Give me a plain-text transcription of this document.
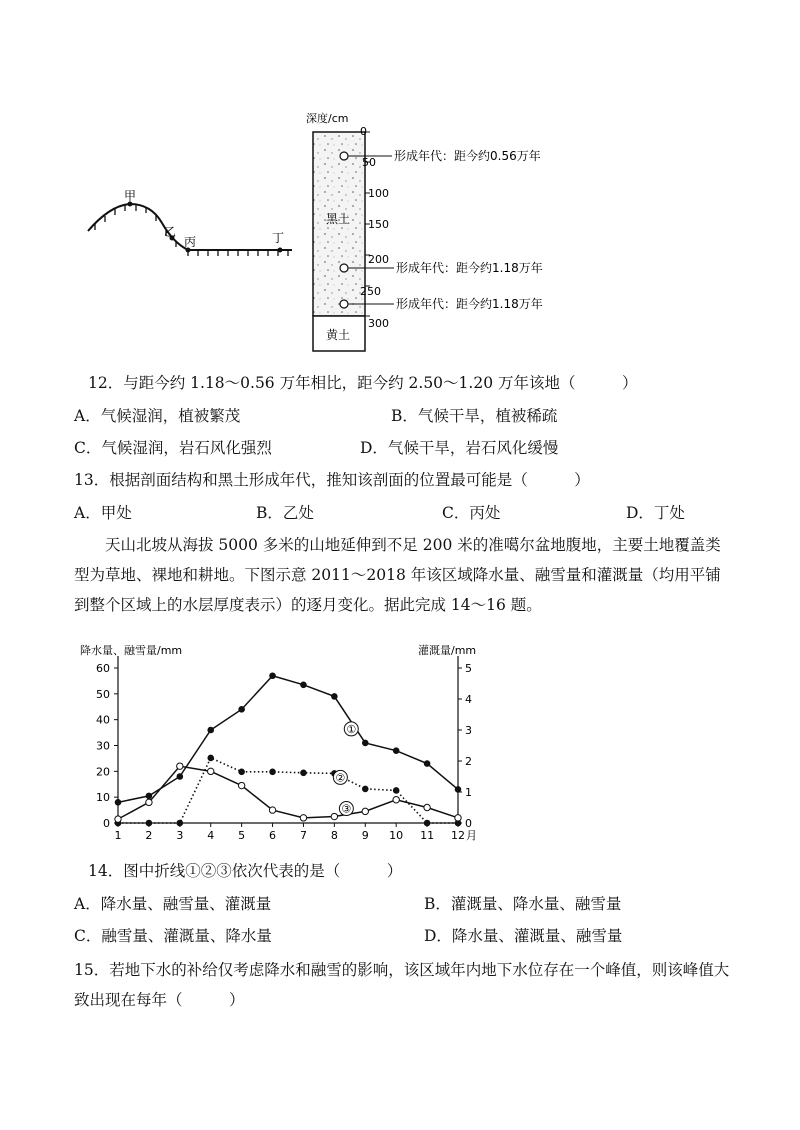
甲
乙
丙	丁
深度/cm
黑土
黄土
0
50
100
150
200
250
300
形成年代：距今约0.56万年
形成年代：距今约1.18万年
形成年代：距今约1.18万年
12．与距今约 1.18～0.56 万年相比，距今约 2.50～1.20 万年该地（　　　）
A．气候湿润，植被繁茂	B．气候干旱，植被稀疏
C．气候湿润，岩石风化强烈	D．气候干旱，岩石风化缓慢
13．根据剖面结构和黑土形成年代，推知该剖面的位置最可能是（　　　）
A．甲处	B．乙处	C．丙处	D．丁处
天山北坡从海拔 5000 多米的山地延伸到不足 200 米的准噶尔盆地腹地，主要土地覆盖类型为草地、裸地和耕地。下图示意 2011～2018 年该区域降水量、融雪量和灌溉量（均用平铺到整个区域上的水层厚度表示）的逐月变化。据此完成 14～16 题。
降水量、融雪量/mm	灌溉量/mm
0
10
20
30
40
50
60
0
1
2
3
4
5
1 2 3 4 5 6 7 8 9 10 11 12 月
①
②
③
14．图中折线①②③依次代表的是（　　　）
A．降水量、融雪量、灌溉量	B．灌溉量、降水量、融雪量
C．融雪量、灌溉量、降水量	D．降水量、灌溉量、融雪量
15．若地下水的补给仅考虑降水和融雪的影响，该区域年内地下水位存在一个峰值，则该峰值大致出现在每年（　　　）
